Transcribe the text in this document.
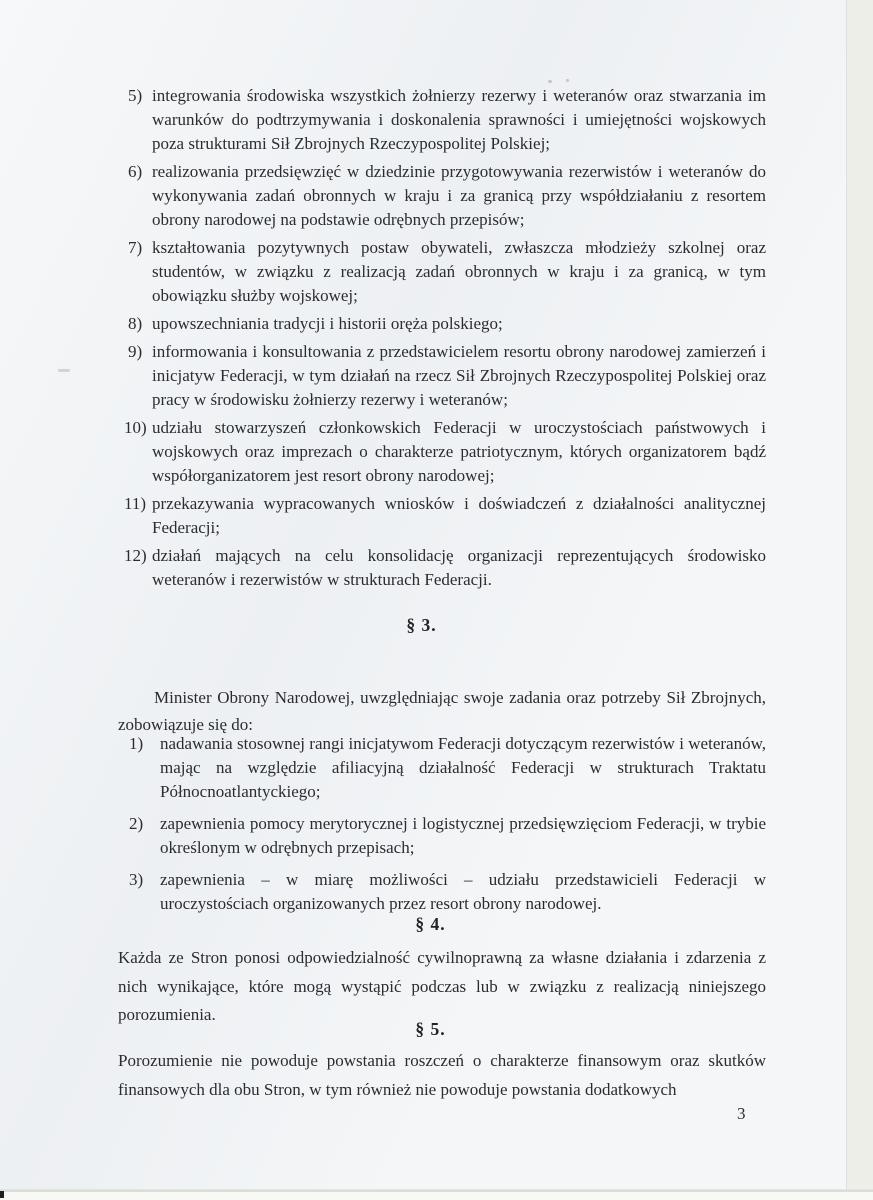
5) integrowania środowiska wszystkich żołnierzy rezerwy i weteranów oraz stwarzania im warunków do podtrzymywania i doskonalenia sprawności i umiejętności wojskowych poza strukturami Sił Zbrojnych Rzeczypospolitej Polskiej;
6) realizowania przedsięwzięć w dziedzinie przygotowywania rezerwistów i weteranów do wykonywania zadań obronnych w kraju i za granicą przy współdziałaniu z resortem obrony narodowej na podstawie odrębnych przepisów;
7) kształtowania pozytywnych postaw obywateli, zwłaszcza młodzieży szkolnej oraz studentów, w związku z realizacją zadań obronnych w kraju i za granicą, w tym obowiązku służby wojskowej;
8) upowszechniania tradycji i historii oręża polskiego;
9) informowania i konsultowania z przedstawicielem resortu obrony narodowej zamierzeń i inicjatyw Federacji, w tym działań na rzecz Sił Zbrojnych Rzeczypospolitej Polskiej oraz pracy w środowisku żołnierzy rezerwy i weteranów;
10) udziału stowarzyszeń członkowskich Federacji w uroczystościach państwowych i wojskowych oraz imprezach o charakterze patriotycznym, których organizatorem bądź współorganizatorem jest resort obrony narodowej;
11) przekazywania wypracowanych wniosków i doświadczeń z działalności analitycznej Federacji;
12) działań mających na celu konsolidację organizacji reprezentujących środowisko weteranów i rezerwistów w strukturach Federacji.
§ 3.
Minister Obrony Narodowej, uwzględniając swoje zadania oraz potrzeby Sił Zbrojnych, zobowiązuje się do:
1) nadawania stosownej rangi inicjatywom Federacji dotyczącym rezerwistów i weteranów, mając na względzie afiliacyjną działalność Federacji w strukturach Traktatu Północnoatlantyckiego;
2) zapewnienia pomocy merytorycznej i logistycznej przedsięwzięciom Federacji, w trybie określonym w odrębnych przepisach;
3) zapewnienia – w miarę możliwości – udziału przedstawicieli Federacji w uroczystościach organizowanych przez resort obrony narodowej.
§ 4.
Każda ze Stron ponosi odpowiedzialność cywilnoprawną za własne działania i zdarzenia z nich wynikające, które mogą wystąpić podczas lub w związku z realizacją niniejszego porozumienia.
§ 5.
Porozumienie nie powoduje powstania roszczeń o charakterze finansowym oraz skutków finansowych dla obu Stron, w tym również nie powoduje powstania dodatkowych
3
